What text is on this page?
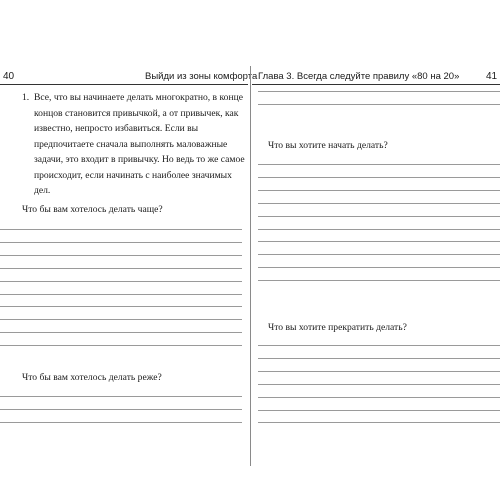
40	Выйди из зоны комфорта
1. Все, что вы начинаете делать многократно, в конце концов становится привычкой, а от привычек, как известно, непросто избавиться. Если вы предпочитаете сначала выполнять маловажные задачи, это входит в привычку. Но ведь то же самое происходит, если начинать с наиболее значимых дел.
Что бы вам хотелось делать чаще?
Что бы вам хотелось делать реже?
Глава 3. Всегда следуйте правилу «80 на 20»	41
Что вы хотите начать делать?
Что вы хотите прекратить делать?
